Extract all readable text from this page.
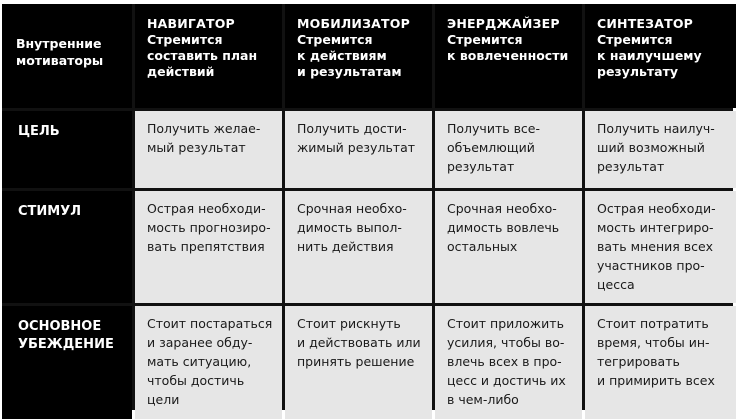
Внутренние
мотиваторы

НАВИГАТОР
Стремится
составить план
действий
МОБИЛИЗАТОР
Стремится
к действиям
и результатам
ЭНЕРДЖАЙЗЕР
Стремится
к вовлеченности
СИНТЕЗАТОР
Стремится
к наилучшему
результату
ЦЕЛЬ	Получить желае-
мый результат
Получить дости-
жимый результат
Получить все-
объемлющий
результат
Получить наилуч-
ший возможный
результат
СТИМУЛ	Острая необходи-
мость прогнозиро-
вать препятствия
Срочная необхо-
димость выпол-
нить действия
Срочная необхо-
димость вовлечь
остальных
Острая необходи-
мость интегриро-
вать мнения всех
участников про-
цесса
ОСНОВНОЕ
УБЕЖДЕНИЕ
Стоит постараться
и заранее обду-
мать ситуацию,
чтобы достичь
цели
Стоит рискнуть
и действовать или
принять решение
Стоит приложить
усилия, чтобы во-
влечь всех в про-
цесс и достичь их
в чем-либо
Стоит потратить
время, чтобы ин-
тегрировать
и примирить всех
